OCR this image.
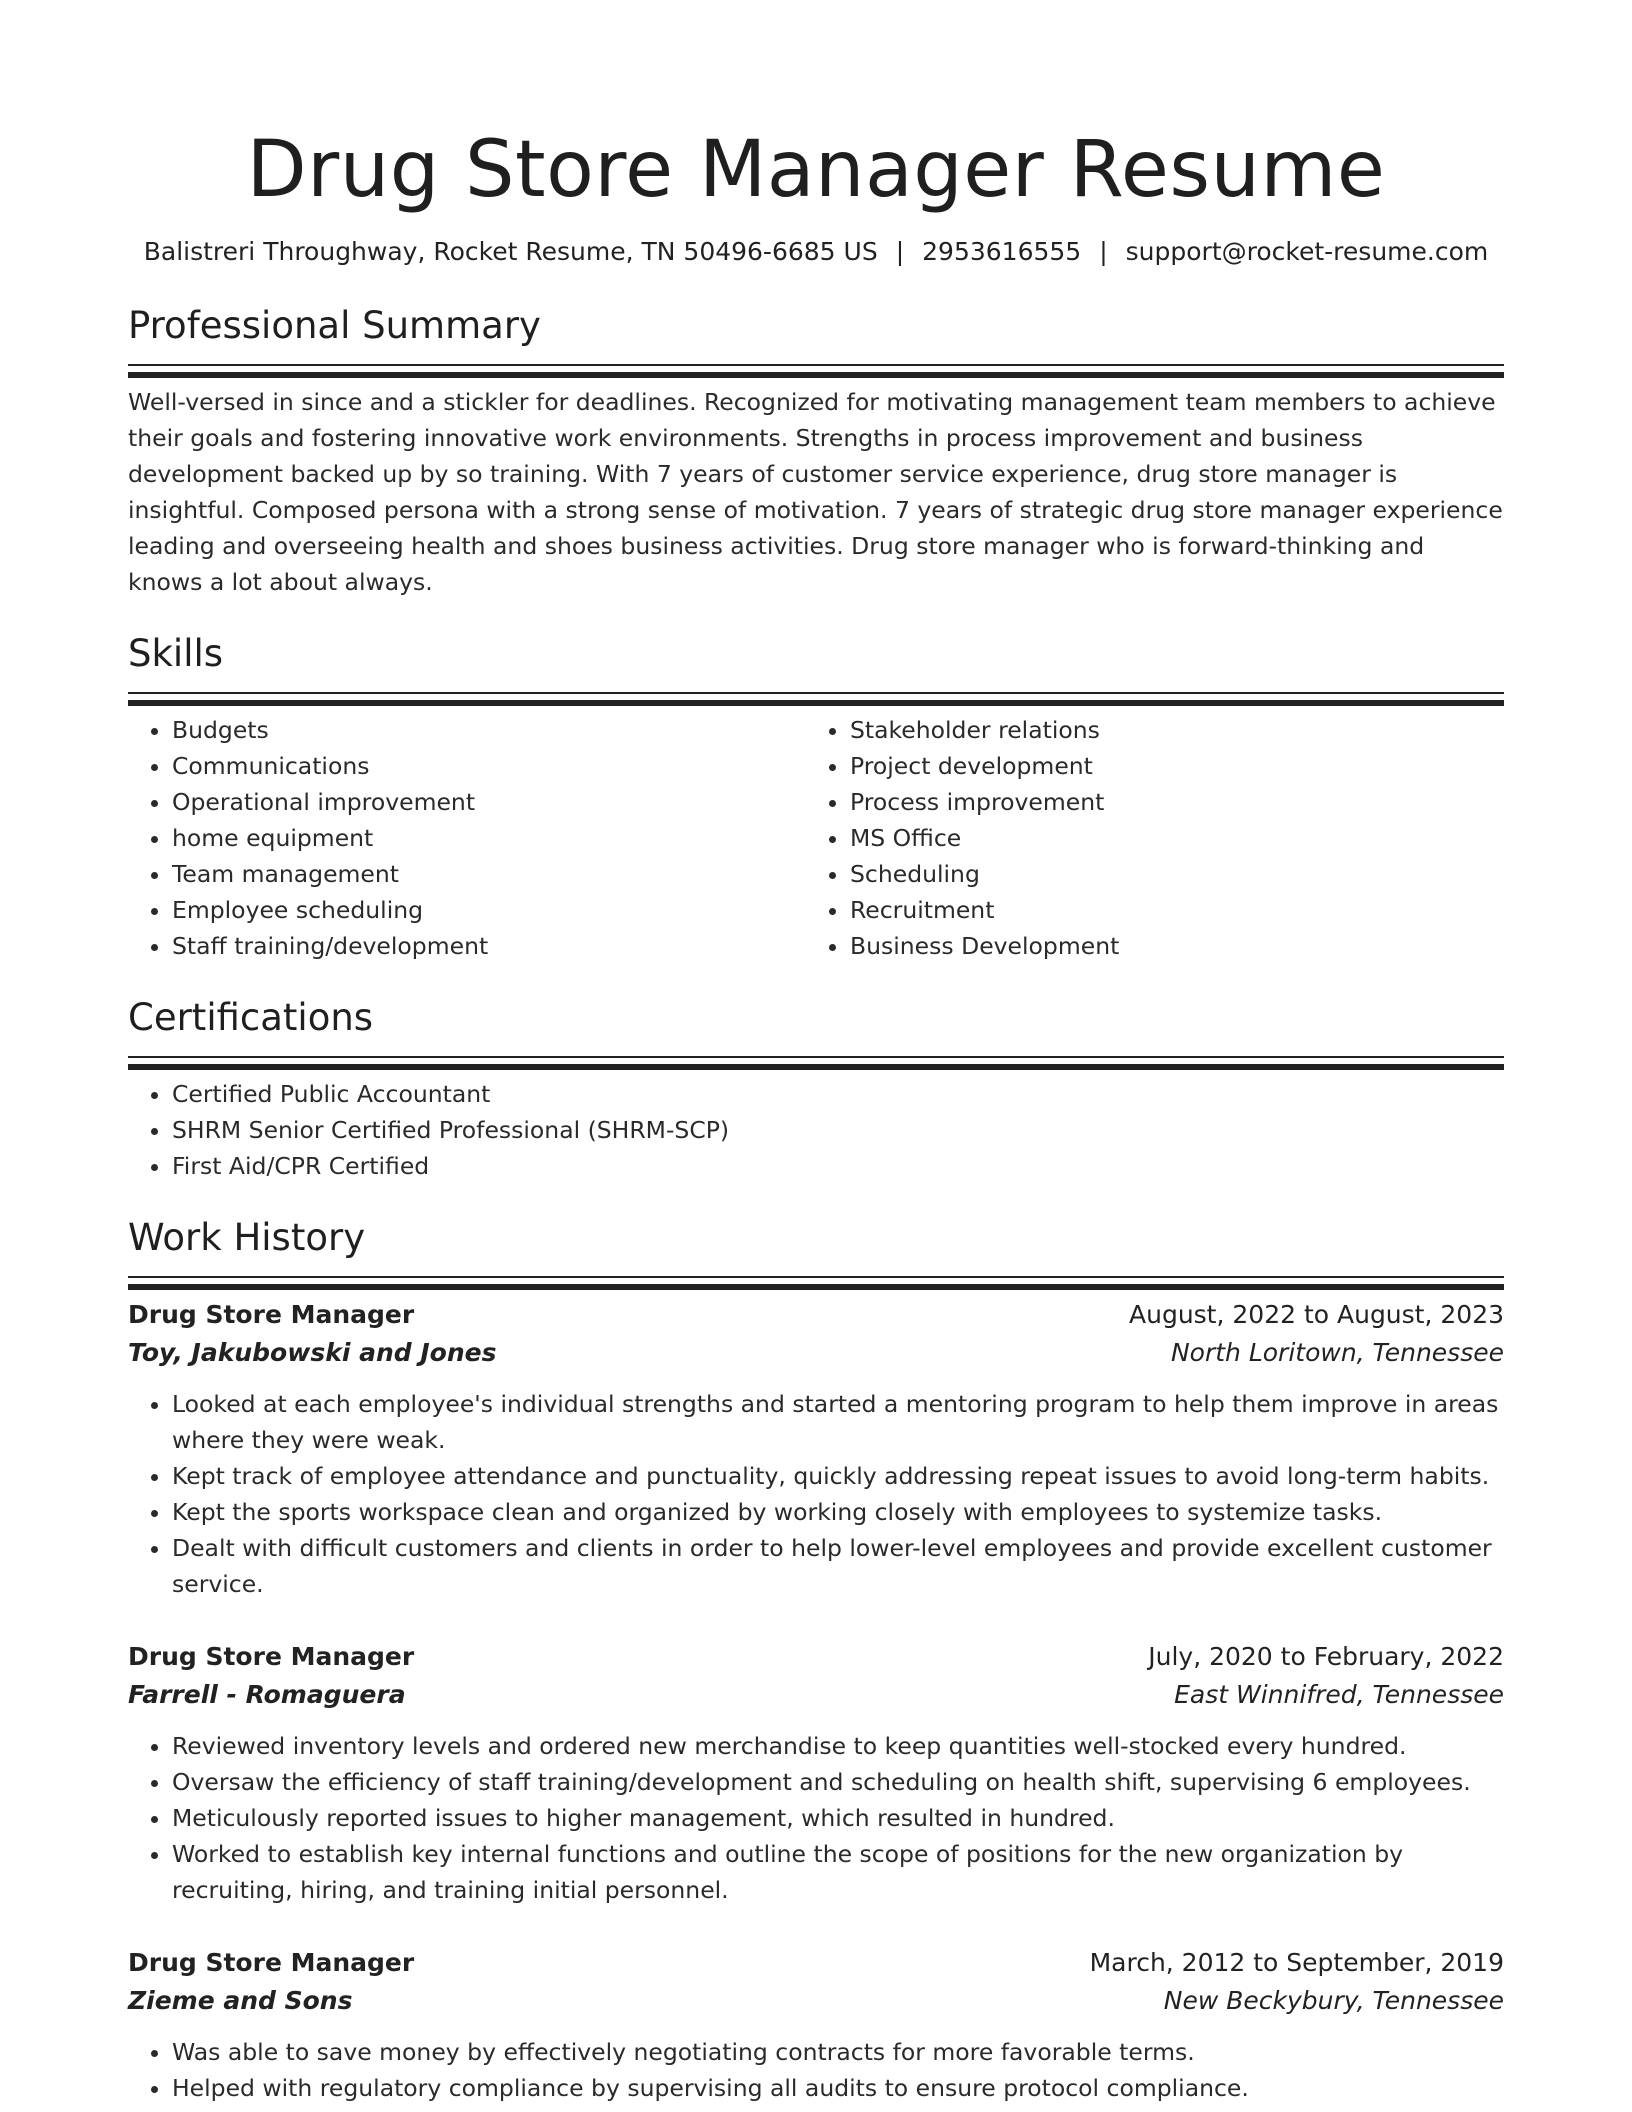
Drug Store Manager Resume
Balistreri Throughway, Rocket Resume, TN 50496-6685 US | 2953616555 | support@rocket-resume.com
Professional Summary

Well-versed in since and a stickler for deadlines. Recognized for motivating management team members to achieve their goals and fostering innovative work environments. Strengths in process improvement and business development backed up by so training. With 7 years of customer service experience, drug store manager is insightful. Composed persona with a strong sense of motivation. 7 years of strategic drug store manager experience leading and overseeing health and shoes business activities. Drug store manager who is forward-thinking and knows a lot about always.

Skills
• Budgets
• Communications
• Operational improvement
• home equipment
• Team management
• Employee scheduling
• Staff training/development
• Stakeholder relations
• Project development
• Process improvement
• MS Office
• Scheduling
• Recruitment
• Business Development
Certifications
• Certified Public Accountant
• SHRM Senior Certified Professional (SHRM-SCP)
• First Aid/CPR Certified
Work History
Drug Store Manager	August, 2022 to August, 2023
Toy, Jakubowski and Jones	North Loritown, Tennessee
• Looked at each employee's individual strengths and started a mentoring program to help them improve in areas where they were weak.
• Kept track of employee attendance and punctuality, quickly addressing repeat issues to avoid long-term habits.
• Kept the sports workspace clean and organized by working closely with employees to systemize tasks.
• Dealt with difficult customers and clients in order to help lower-level employees and provide excellent customer service.
Drug Store Manager	July, 2020 to February, 2022
Farrell - Romaguera	East Winnifred, Tennessee
• Reviewed inventory levels and ordered new merchandise to keep quantities well-stocked every hundred.
• Oversaw the efficiency of staff training/development and scheduling on health shift, supervising 6 employees.
• Meticulously reported issues to higher management, which resulted in hundred.
• Worked to establish key internal functions and outline the scope of positions for the new organization by recruiting, hiring, and training initial personnel.
Drug Store Manager	March, 2012 to September, 2019
Zieme and Sons	New Beckybury, Tennessee
• Was able to save money by effectively negotiating contracts for more favorable terms.
• Helped with regulatory compliance by supervising all audits to ensure protocol compliance.
